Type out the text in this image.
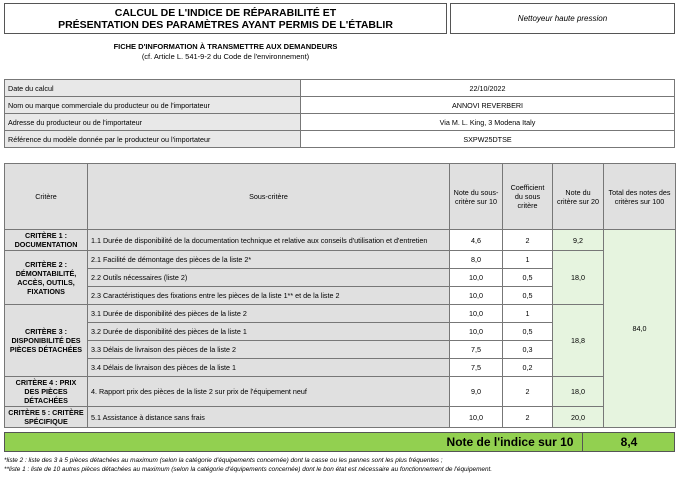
CALCUL DE L'INDICE DE RÉPARABILITÉ ET
PRÉSENTATION DES PARAMÈTRES AYANT PERMIS DE L'ÉTABLIR	Nettoyeur haute pression
FICHE D'INFORMATION À TRANSMETTRE AUX DEMANDEURS
(cf. Article L. 541-9-2 du Code de l'environnement)
Date du calcul	22/10/2022
Nom ou marque commerciale du producteur ou de l'importateur	ANNOVI REVERBERI
Adresse du producteur ou de l'importateur	Via M. L. King, 3 Modena Italy
Référence du modèle donnée par le producteur ou l'importateur	SXPW25DTSE
Critère	Sous-critère	Note du sous-critère sur 10	Coefficient du sous critère	Note du critère sur 20	Total des notes des critères sur 100
CRITÈRE 1 : DOCUMENTATION	1.1 Durée de disponibilité de la documentation technique et relative aux conseils d'utilisation et d'entretien	4,6	2	9,2	84,0
CRITÈRE 2 : DÉMONTABILITÉ, ACCÈS, OUTILS, FIXATIONS	2.1 Facilité de démontage des pièces de la liste 2*	8,0	1	18,0	
	2.2 Outils nécessaires (liste 2)	10,0	0,5		
	2.3 Caractéristiques des fixations entre les pièces de la liste 1** et de la liste 2	10,0	0,5		
CRITÈRE 3 : DISPONIBILITÉ DES PIÈCES DÉTACHÉES	3.1 Durée de disponibilité des pièces de la liste 2	10,0	1	18,8	
	3.2 Durée de disponibilité des pièces de la liste 1	10,0	0,5		
	3.3 Délais de livraison des pièces de la liste 2	7,5	0,3		
	3.4 Délais de livraison des pièces de la liste 1	7,5	0,2		
CRITÈRE 4 : PRIX DES PIÈCES DÉTACHÉES	4. Rapport prix des pièces de la liste 2 sur prix de l'équipement neuf	9,0	2	18,0	
CRITÈRE 5 : CRITÈRE SPÉCIFIQUE	5.1 Assistance à distance sans frais	10,0	2	20,0	
Note de l'indice sur 10	8,4
*liste 2 : liste des 3 à 5 pièces détachées au maximum (selon la catégorie d'équipements concernée) dont la casse ou les pannes sont les plus fréquentes ;
**liste 1 : liste de 10 autres pièces détachées au maximum (selon la catégorie d'équipements concernée) dont le bon état est nécessaire au fonctionnement de l'équipement.
